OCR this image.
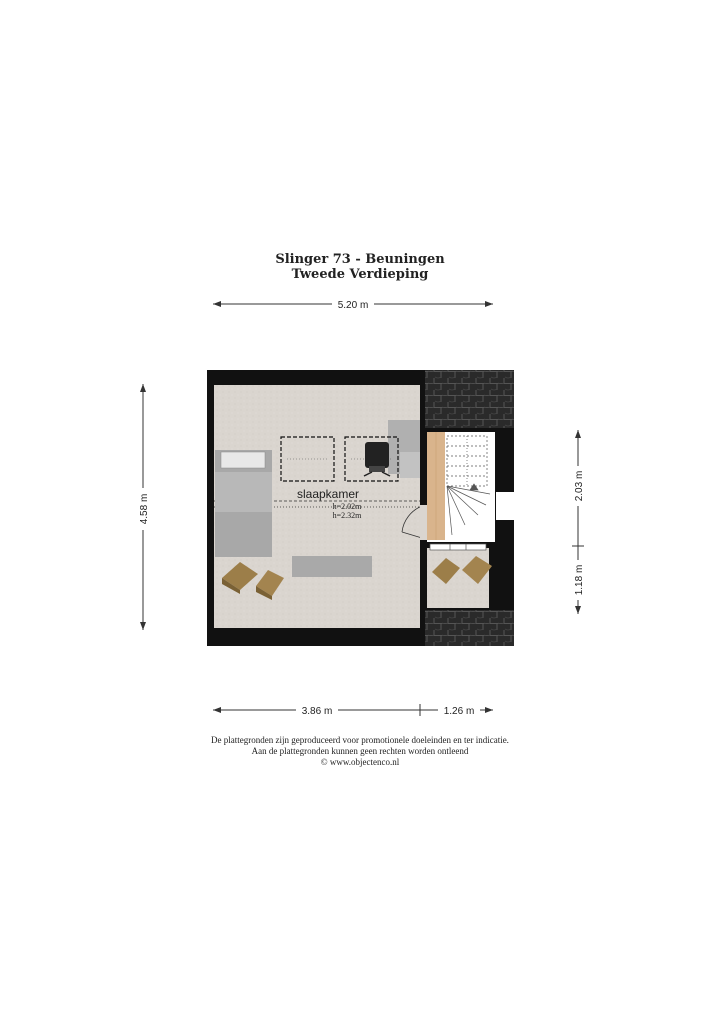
Slinger 73 - Beuningen
Tweede Verdieping
5.20 m
4.58 m
2.03 m
1.18 m
3.86 m	1.26 m
slaapkamer
h=2.02m
h=2.32m
De plattegronden zijn geproduceerd voor promotionele doeleinden en ter indicatie.
Aan de plattegronden kunnen geen rechten worden ontleend
© www.objectenco.nl
